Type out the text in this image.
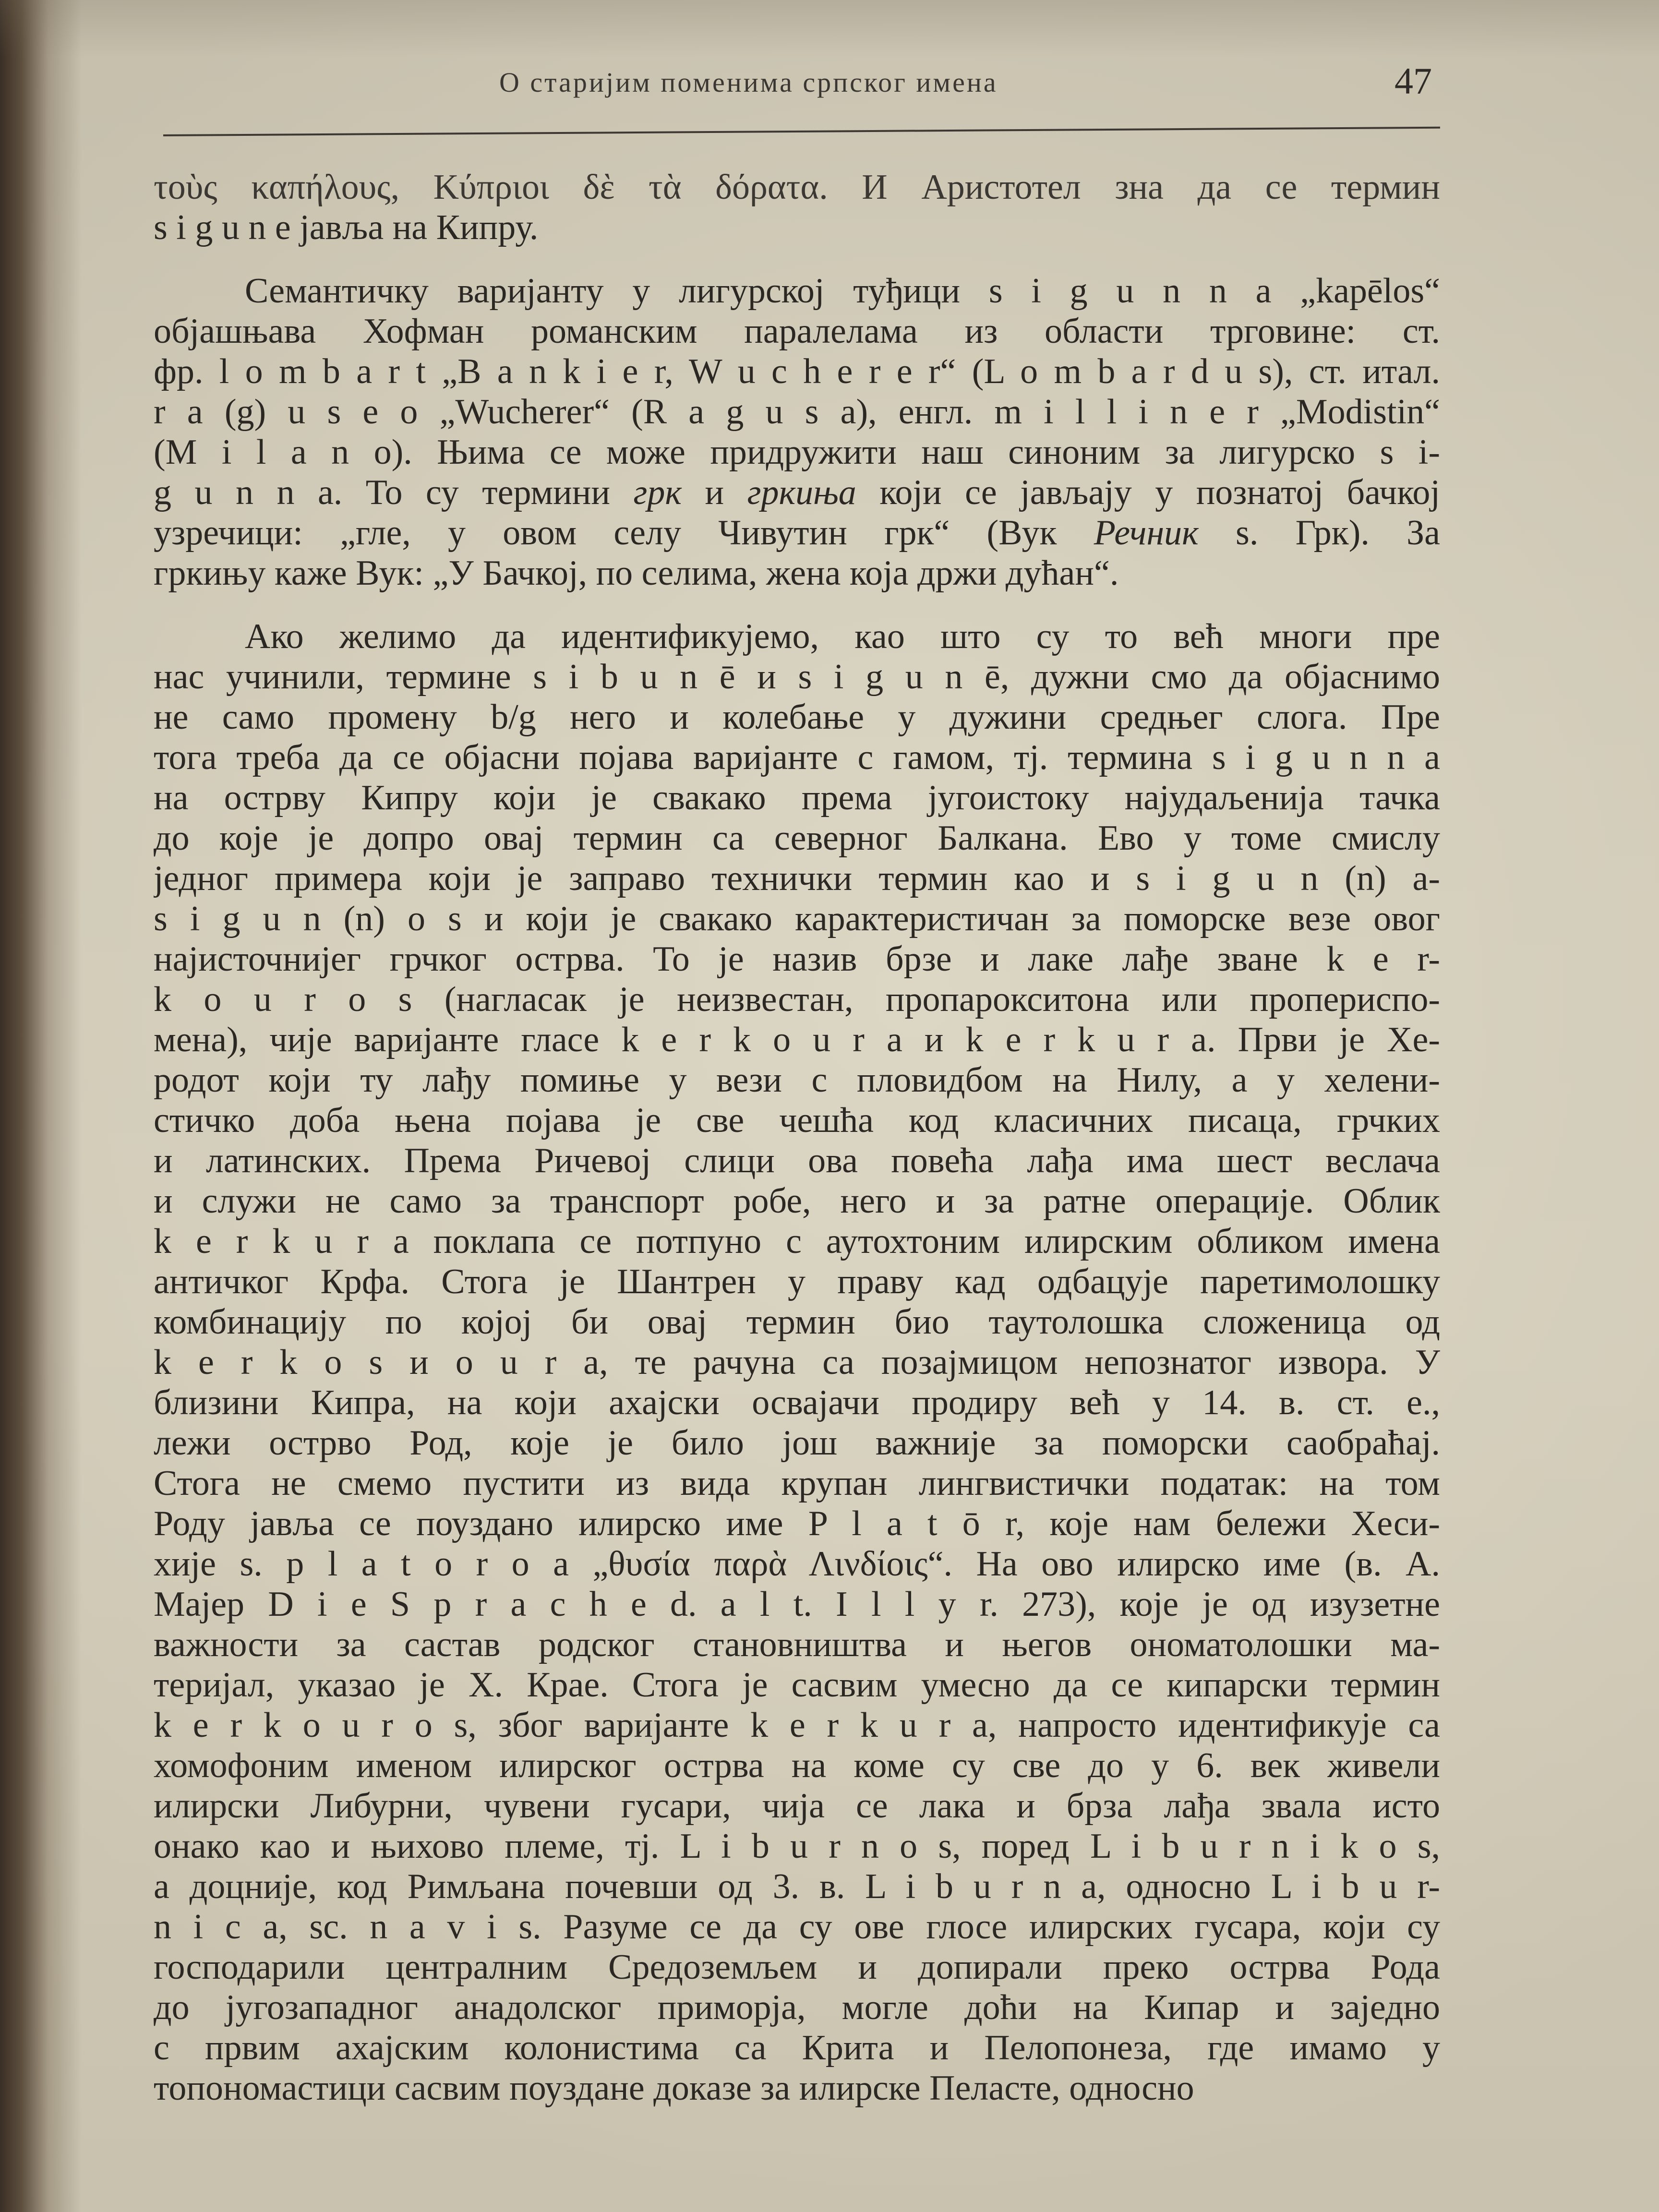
О старијим поменима српског имена	47
τοὺς καπήλους, Κύπριοι δὲ τὰ δόρατα. И Аристотел зна да се термин
s i g u n e јавља на Кипру.
Семантичку варијанту у лигурској туђици s i g u n n a „kapēlos“
објашњава Хофман романским паралелама из области трговине: ст.
фр. l o m b a r t „B a n k i e r, W u c h e r e r“ (L o m b a r d u s), ст. итал.
r a (g) u s e o „Wucherer“ (R a g u s a), енгл. m i l l i n e r „Modistin“
(M i l a n o). Њима се може придружити наш синоним за лигурско s i-
g u n n a. То су термини грк и гркиња који се јављају у познатој бачкој
узречици: „гле, у овом селу Чивутин грк“ (Вук Речник s. Грк). За
гркињу каже Вук: „У Бачкој, по селима, жена која држи дућан“.
Ако желимо да идентификујемо, као што су то већ многи пре
нас учинили, термине s i b u n ē и s i g u n ē, дужни смо да објаснимо
не само промену b/g него и колебање у дужини средњег слога. Пре
тога треба да се објасни појава варијанте с гамом, тј. термина s i g u n n a
на острву Кипру који је свакако према југоистоку најудаљенија тачка
до које је допро овај термин са северног Балкана. Ево у томе смислу
једног примера који је заправо технички термин као и s i g u n (n) a-
s i g u n (n) o s и који је свакако карактеристичан за поморске везе овог
најисточнијег грчког острва. То је назив брзе и лаке лађе зване k e r-
k o u r o s (нагласак је неизвестан, пропарокситона или пропериспо-
мена), чије варијанте гласе k e r k o u r a и k e r k u r a. Први је Хе-
родот који ту лађу помиње у вези с пловидбом на Нилу, а у хелени-
стичко доба њена појава је све чешћа код класичних писаца, грчких
и латинских. Према Ричевој слици ова повећа лађа има шест веслача
и служи не само за транспорт робе, него и за ратне операције. Облик
k e r k u r a поклапа се потпуно с аутохтоним илирским обликом имена
античког Крфа. Стога је Шантрен у праву кад одбацује паретимолошку
комбинацију по којој би овај термин био таутолошка сложеница од
k e r k o s и o u r a, те рачуна са позајмицом непознатог извора. У
близини Кипра, на који ахајски освајачи продиру већ у 14. в. ст. е.,
лежи острво Род, које је било још важније за поморски саобраћај.
Стога не смемо пустити из вида крупан лингвистички податак: на том
Роду јавља се поуздано илирско име P l a t ō r, које нам бележи Хеси-
хије s. p l a t o r o a „θυσία παρὰ Λινδίοις“. На ово илирско име (в. А.
Мајер D i e S p r a c h e d. a l t. I l l y r. 273), које је од изузетне
важности за састав родског становништва и његов ономатолошки ма-
теријал, указао је Х. Крае. Стога је сасвим умесно да се кипарски термин
k e r k o u r o s, због варијанте k e r k u r a, напросто идентификује са
хомофоним именом илирског острва на коме су све до у 6. век живели
илирски Либурни, чувени гусари, чија се лака и брза лађа звала исто
онако као и њихово племе, тј. L i b u r n o s, поред L i b u r n i k o s,
а доцније, код Римљана почевши од 3. в. L i b u r n a, односно L i b u r-
n i c a, sc. n a v i s. Разуме се да су ове глосе илирских гусара, који су
господарили централним Средоземљем и допирали преко острва Рода
до југозападног анадолског приморја, могле доћи на Кипар и заједно
с првим ахајским колонистима са Крита и Пелопонеза, где имамо у
топономастици сасвим поуздане доказе за илирске Пеласте, односно
